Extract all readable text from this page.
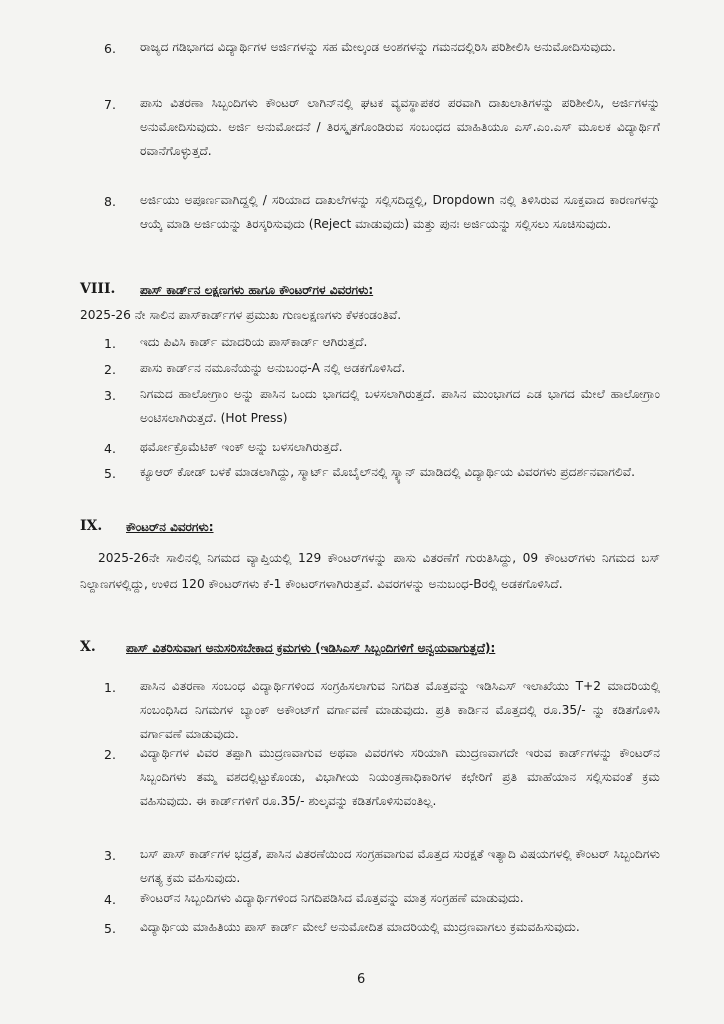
6. ರಾಜ್ಯದ ಗಡಿಭಾಗದ ವಿದ್ಯಾರ್ಥಿಗಳ ಅರ್ಜಿಗಳನ್ನು ಸಹ ಮೇಲ್ಕಂಡ ಅಂಶಗಳನ್ನು ಗಮನದಲ್ಲಿರಿಸಿ ಪರಿಶೀಲಿಸಿ ಅನುಮೋದಿಸುವುದು.
7. ಪಾಸು ವಿತರಣಾ ಸಿಬ್ಬಂದಿಗಳು ಕೌಂಟರ್ ಲಾಗಿನ್‌ನಲ್ಲಿ ಘಟಕ ವ್ಯವಸ್ಥಾಪಕರ ಪರವಾಗಿ ದಾಖಲಾತಿಗಳನ್ನು ಪರಿಶೀಲಿಸಿ, ಅರ್ಜಿಗಳನ್ನು ಅನುಮೋದಿಸುವುದು. ಅರ್ಜಿ ಅನುಮೋದನೆ / ತಿರಸ್ಕೃತಗೊಂಡಿರುವ ಸಂಬಂಧದ ಮಾಹಿತಿಯೂ ಎಸ್.ಎಂ.ಎಸ್ ಮೂಲಕ ವಿದ್ಯಾರ್ಥಿಗೆ ರವಾನೆಗೊಳ್ಳುತ್ತದೆ.
8. ಅರ್ಜಿಯು ಅಪೂರ್ಣವಾಗಿದ್ದಲ್ಲಿ / ಸರಿಯಾದ ದಾಖಲೆಗಳನ್ನು ಸಲ್ಲಿಸದಿದ್ದಲ್ಲಿ, Dropdown ನಲ್ಲಿ ತಿಳಿಸಿರುವ ಸೂಕ್ತವಾದ ಕಾರಣಗಳನ್ನು ಆಯ್ಕೆ ಮಾಡಿ ಅರ್ಜಿಯನ್ನು ತಿರಸ್ಕರಿಸುವುದು (Reject ಮಾಡುವುದು) ಮತ್ತು ಪುನಃ ಅರ್ಜಿಯನ್ನು ಸಲ್ಲಿಸಲು ಸೂಚಿಸುವುದು.
VIII. ಪಾಸ್ ಕಾರ್ಡ್‌ನ ಲಕ್ಷಣಗಳು ಹಾಗೂ ಕೌಂಟರ್‌ಗಳ ವಿವರಗಳು:
2025-26 ನೇ ಸಾಲಿನ ಪಾಸ್‌ಕಾರ್ಡ್‌ಗಳ ಪ್ರಮುಖ ಗುಣಲಕ್ಷಣಗಳು ಕೆಳಕಂಡಂತಿವೆ.
1. ಇದು ಪಿವಿಸಿ ಕಾರ್ಡ್ ಮಾದರಿಯ ಪಾಸ್‌ಕಾರ್ಡ್ ಆಗಿರುತ್ತದೆ.
2. ಪಾಸು ಕಾರ್ಡ್‌ನ ನಮೂನೆಯನ್ನು ಅನುಬಂಧ-A ನಲ್ಲಿ ಅಡಕಗೊಳಿಸಿದೆ.
3. ನಿಗಮದ ಹಾಲೋಗ್ರಾಂ ಅನ್ನು ಪಾಸಿನ ಒಂದು ಭಾಗದಲ್ಲಿ ಬಳಸಲಾಗಿರುತ್ತದೆ. ಪಾಸಿನ ಮುಂಭಾಗದ ಎಡ ಭಾಗದ ಮೇಲೆ ಹಾಲೋಗ್ರಾಂ ಅಂಟಿಸಲಾಗಿರುತ್ತದೆ. (Hot Press)
4. ಥರ್ಮೋಕ್ರೊಮೆಟಿಕ್ ಇಂಕ್ ಅನ್ನು ಬಳಸಲಾಗಿರುತ್ತದೆ.
5. ಕ್ಯೂಆರ್ ಕೋಡ್ ಬಳಕೆ ಮಾಡಲಾಗಿದ್ದು, ಸ್ಮಾರ್ಟ್ ಮೊಬೈಲ್‌ನಲ್ಲಿ ಸ್ಕ್ಯಾನ್ ಮಾಡಿದಲ್ಲಿ ವಿದ್ಯಾರ್ಥಿಯ ವಿವರಗಳು ಪ್ರದರ್ಶನವಾಗಲಿವೆ.
IX. ಕೌಂಟರ್‌ನ ವಿವರಗಳು:
2025-26ನೇ ಸಾಲಿನಲ್ಲಿ ನಿಗಮದ ವ್ಯಾಪ್ತಿಯಲ್ಲಿ 129 ಕೌಂಟರ್‌ಗಳನ್ನು ಪಾಸು ವಿತರಣೆಗೆ ಗುರುತಿಸಿದ್ದು, 09 ಕೌಂಟರ್‌ಗಳು ನಿಗಮದ ಬಸ್ ನಿಲ್ದಾಣಗಳಲ್ಲಿದ್ದು, ಉಳಿದ 120 ಕೌಂಟರ್‌ಗಳು ಕೆ-1 ಕೌಂಟರ್‌ಗಳಾಗಿರುತ್ತವೆ. ವಿವರಗಳನ್ನು ಅನುಬಂಧ-Bರಲ್ಲಿ ಅಡಕಗೊಳಿಸಿದೆ.
X.	ಪಾಸ್ ವಿತರಿಸುವಾಗ ಅನುಸರಿಸಬೇಕಾದ ಕ್ರಮಗಳು (ಇಡಿಸಿಎಸ್ ಸಿಬ್ಬಂದಿಗಳಿಗೆ ಅನ್ವಯವಾಗುತ್ತದೆ):
1. ಪಾಸಿನ ವಿತರಣಾ ಸಂಬಂಧ ವಿದ್ಯಾರ್ಥಿಗಳಿಂದ ಸಂಗ್ರಹಿಸಲಾಗುವ ನಿಗದಿತ ಮೊತ್ತವನ್ನು ಇಡಿಸಿಎಸ್ ಇಲಾಖೆಯು T+2 ಮಾದರಿಯಲ್ಲಿ ಸಂಬಂಧಿಸಿದ ನಿಗಮಗಳ ಬ್ಯಾಂಕ್ ಅಕೌಂಟ್‌ಗೆ ವರ್ಗಾವಣೆ ಮಾಡುವುದು. ಪ್ರತಿ ಕಾರ್ಡಿನ ಮೊತ್ತದಲ್ಲಿ ರೂ.35/- ನ್ನು ಕಡಿತಗೊಳಿಸಿ ವರ್ಗಾವಣೆ ಮಾಡುವುದು.
2. ವಿದ್ಯಾರ್ಥಿಗಳ ವಿವರ ತಪ್ಪಾಗಿ ಮುದ್ರಣವಾಗುವ ಅಥವಾ ವಿವರಗಳು ಸರಿಯಾಗಿ ಮುದ್ರಣವಾಗದೇ ಇರುವ ಕಾರ್ಡ್‌ಗಳನ್ನು ಕೌಂಟರ್‌ನ ಸಿಬ್ಬಂದಿಗಳು ತಮ್ಮ ವಶದಲ್ಲಿಟ್ಟುಕೊಂಡು, ವಿಭಾಗೀಯ ನಿಯಂತ್ರಣಾಧಿಕಾರಿಗಳ ಕಛೇರಿಗೆ ಪ್ರತಿ ಮಾಹೆಯಾನ ಸಲ್ಲಿಸುವಂತೆ ಕ್ರಮ ವಹಿಸುವುದು. ಈ ಕಾರ್ಡ್‌ಗಳಿಗೆ ರೂ.35/- ಶುಲ್ಕವನ್ನು ಕಡಿತಗೊಳಿಸುವಂತಿಲ್ಲ.
3. ಬಸ್ ಪಾಸ್ ಕಾರ್ಡ್‌ಗಳ ಭದ್ರತೆ, ಪಾಸಿನ ವಿತರಣೆಯಿಂದ ಸಂಗ್ರಹವಾಗುವ ಮೊತ್ತದ ಸುರಕ್ಷತೆ ಇತ್ಯಾದಿ ವಿಷಯಗಳಲ್ಲಿ ಕೌಂಟರ್ ಸಿಬ್ಬಂದಿಗಳು ಅಗತ್ಯ ಕ್ರಮ ವಹಿಸುವುದು.
4. ಕೌಂಟರ್‌ನ ಸಿಬ್ಬಂದಿಗಳು ವಿದ್ಯಾರ್ಥಿಗಳಿಂದ ನಿಗದಿಪಡಿಸಿದ ಮೊತ್ತವನ್ನು ಮಾತ್ರ ಸಂಗ್ರಹಣೆ ಮಾಡುವುದು.
5. ವಿದ್ಯಾರ್ಥಿಯ ಮಾಹಿತಿಯು ಪಾಸ್ ಕಾರ್ಡ್ ಮೇಲೆ ಅನುಮೋದಿತ ಮಾದರಿಯಲ್ಲಿ ಮುದ್ರಣವಾಗಲು ಕ್ರಮವಹಿಸುವುದು.
6
